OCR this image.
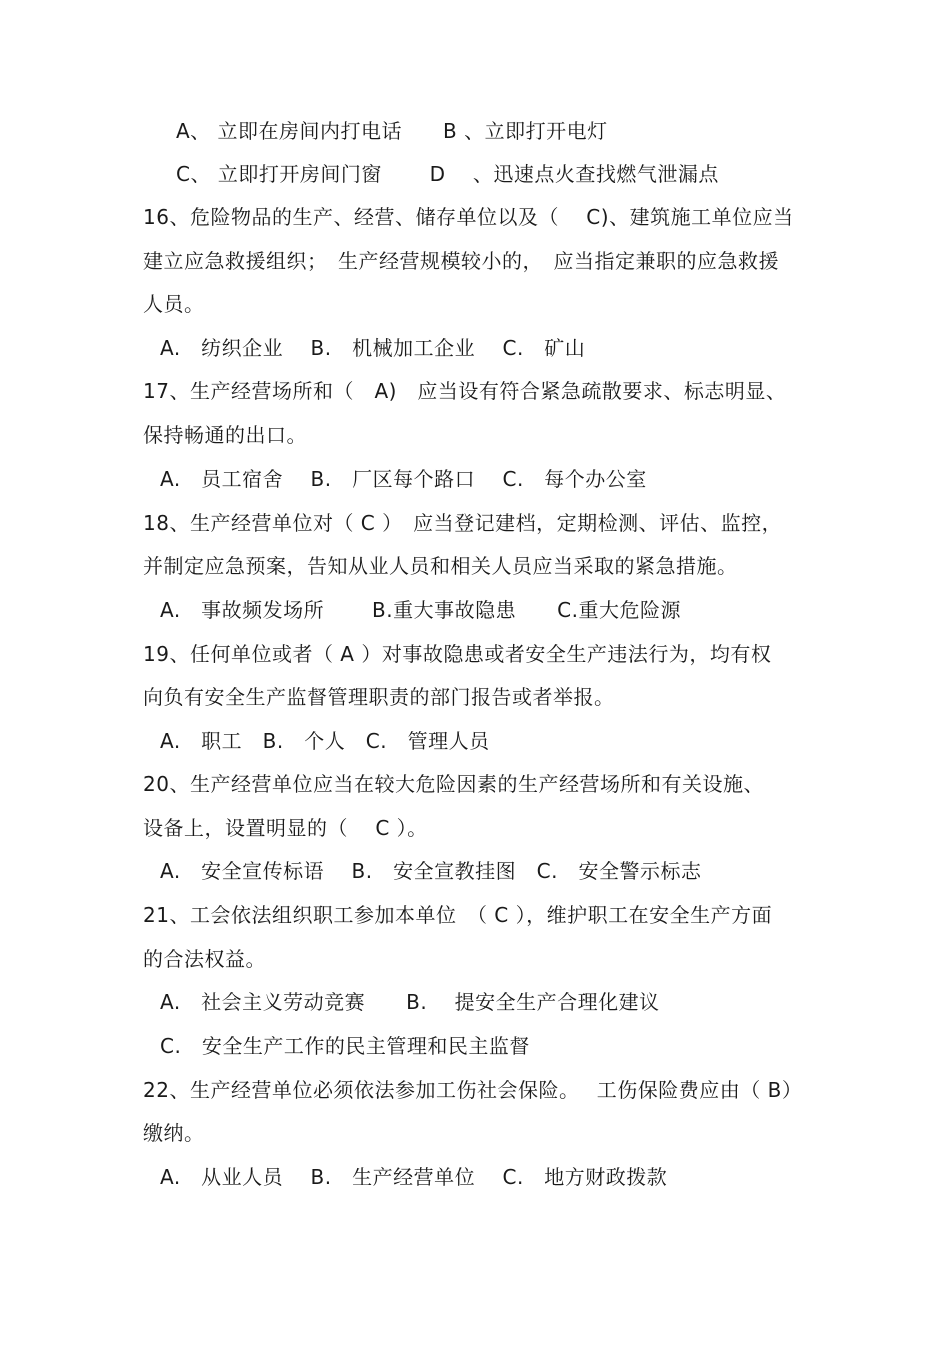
A、 立即在房间内打电话　　B 、立即打开电灯
C、 立即打开房间门窗　　 D　 、迅速点火查找燃气泄漏点
16、危险物品的生产、经营、储存单位以及（　 C)、建筑施工单位应当
建立应急救援组织；　生产经营规模较小的，　应当指定兼职的应急救援
人员。
A.　纺织企业　 B.　机械加工企业　 C.　矿山
17、生产经营场所和（　A)　应当设有符合紧急疏散要求、标志明显、
保持畅通的出口。
A.　员工宿舍　 B.　厂区每个路口　 C.　每个办公室
18、生产经营单位对（ C ）　应当登记建档，定期检测、评估、监控，
并制定应急预案，告知从业人员和相关人员应当采取的紧急措施。
A.　事故频发场所　　 B.重大事故隐患　　C.重大危险源
19、任何单位或者（ A ）对事故隐患或者安全生产违法行为，均有权
向负有安全生产监督管理职责的部门报告或者举报。
A.　职工　B.　个人　C.　管理人员
20、生产经营单位应当在较大危险因素的生产经营场所和有关设施、
设备上，设置明显的（　 C ）。
A.　安全宣传标语　 B.　安全宣教挂图　C.　安全警示标志
21、工会依法组织职工参加本单位　（ C ），维护职工在安全生产方面
的合法权益。
A.　社会主义劳动竞赛　　B.　 提安全生产合理化建议
C.　安全生产工作的民主管理和民主监督
22、生产经营单位必须依法参加工伤社会保险。　 工伤保险费应由（ B）
缴纳。
A.　从业人员　 B.　生产经营单位　 C.　地方财政拨款
